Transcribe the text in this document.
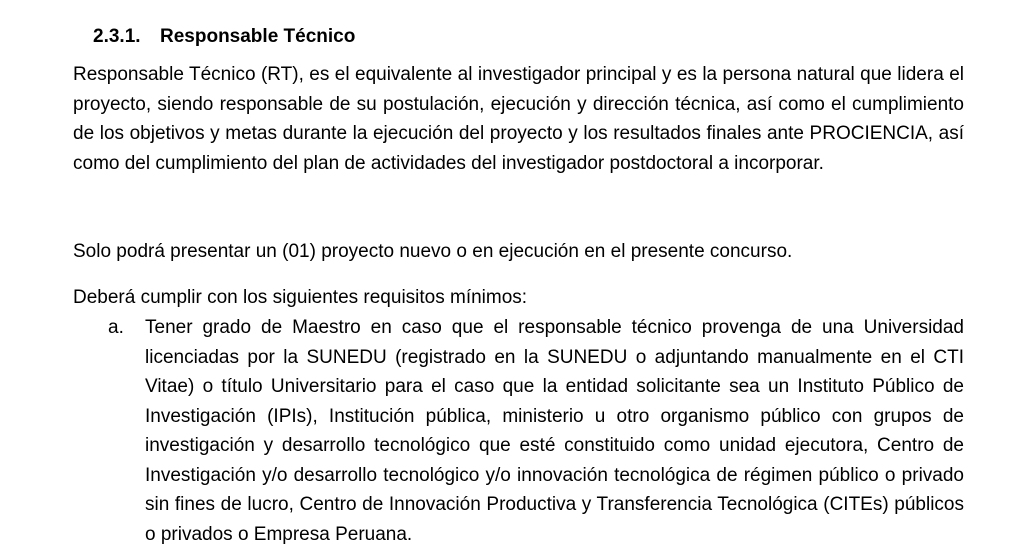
2.3.1. Responsable Técnico

Responsable Técnico (RT), es el equivalente al investigador principal y es la persona natural que lidera el proyecto, siendo responsable de su postulación, ejecución y dirección técnica, así como el cumplimiento de los objetivos y metas durante la ejecución del proyecto y los resultados finales ante PROCIENCIA, así como del cumplimiento del plan de actividades del investigador postdoctoral a incorporar.

Solo podrá presentar un (01) proyecto nuevo o en ejecución en el presente concurso.

Deberá cumplir con los siguientes requisitos mínimos:

a. Tener grado de Maestro en caso que el responsable técnico provenga de una Universidad licenciadas por la SUNEDU (registrado en la SUNEDU o adjuntando manualmente en el CTI Vitae) o título Universitario para el caso que la entidad solicitante sea un Instituto Público de Investigación (IPIs), Institución pública, ministerio u otro organismo público con grupos de investigación y desarrollo tecnológico que esté constituido como unidad ejecutora, Centro de Investigación y/o desarrollo tecnológico y/o innovación tecnológica de régimen público o privado sin fines de lucro, Centro de Innovación Productiva y Transferencia Tecnológica (CITEs) públicos o privados o Empresa Peruana.
